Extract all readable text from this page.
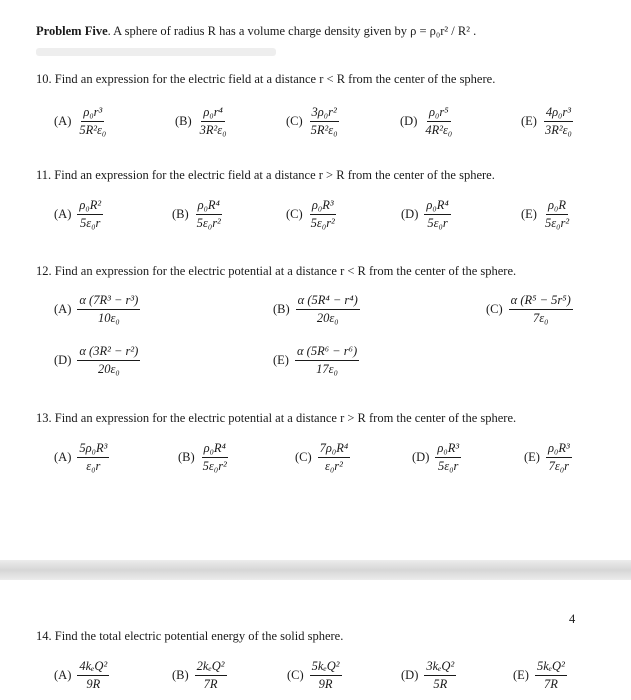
Problem Five. A sphere of radius R has a volume charge density given by ρ = ρ₀r² / R² .
10. Find an expression for the electric field at a distance r < R from the center of the sphere.
$(A) \frac{\text{ρ₀r³}}{\text{5R²ε₀}}$	$(B) \frac{\text{ρ₀r⁴}}{\text{3R²ε₀}}$	$(C) \frac{\text{3ρ₀r²}}{\text{5R²ε₀}}$	$(D) \frac{\text{ρ₀r⁵}}{\text{4R²ε₀}}$	$(E) \frac{\text{4ρ₀r³}}{\text{3R²ε₀}}$
11. Find an expression for the electric field at a distance r > R from the center of the sphere.
$(A) \frac{\text{ρ₀R²}}{\text{5ε₀r}}$	$(B) \frac{\text{ρ₀R⁴}}{\text{5ε₀r²}}$	$(C) \frac{\text{ρ₀R³}}{\text{5ε₀r²}}$	$(D) \frac{\text{ρ₀R⁴}}{\text{5ε₀r}}$	$(E) \frac{\text{ρ₀R}}{\text{5ε₀r²}}$
12. Find an expression for the electric potential at a distance r < R from the center of the sphere.
$(A) \frac{\text{α (7R³ − r³)}}{\text{10ε₀}}$	$(B) \frac{\text{α (5R⁴ − r⁴)}}{\text{20ε₀}}$	$(C) \frac{\text{α (R⁵ − 5r⁵)}}{\text{7ε₀}}$
$(D) \frac{\text{α (3R² − r²)}}{\text{20ε₀}}$	$(E) \frac{\text{α (5R⁶ − r⁶)}}{\text{17ε₀}}$
13. Find an expression for the electric potential at a distance r > R from the center of the sphere.
$(A) \frac{\text{5ρ₀R³}}{\text{ε₀r}}$	$(B) \frac{\text{ρ₀R⁴}}{\text{5ε₀r²}}$	$(C) \frac{\text{7ρ₀R⁴}}{\text{ε₀r²}}$	$(D) \frac{\text{ρ₀R³}}{\text{5ε₀r}}$	$(E) \frac{\text{ρ₀R³}}{\text{7ε₀r}}$
4
14. Find the total electric potential energy of the solid sphere.
$(A) \frac{\text{4kₑQ²}}{9R}$	$(B) \frac{\text{2kₑQ²}}{7R}$	$(C) \frac{\text{5kₑQ²}}{9R}$	$(D) \frac{\text{3kₑQ²}}{5R}$	$(E) \frac{\text{5kₑQ²}}{7R}$
